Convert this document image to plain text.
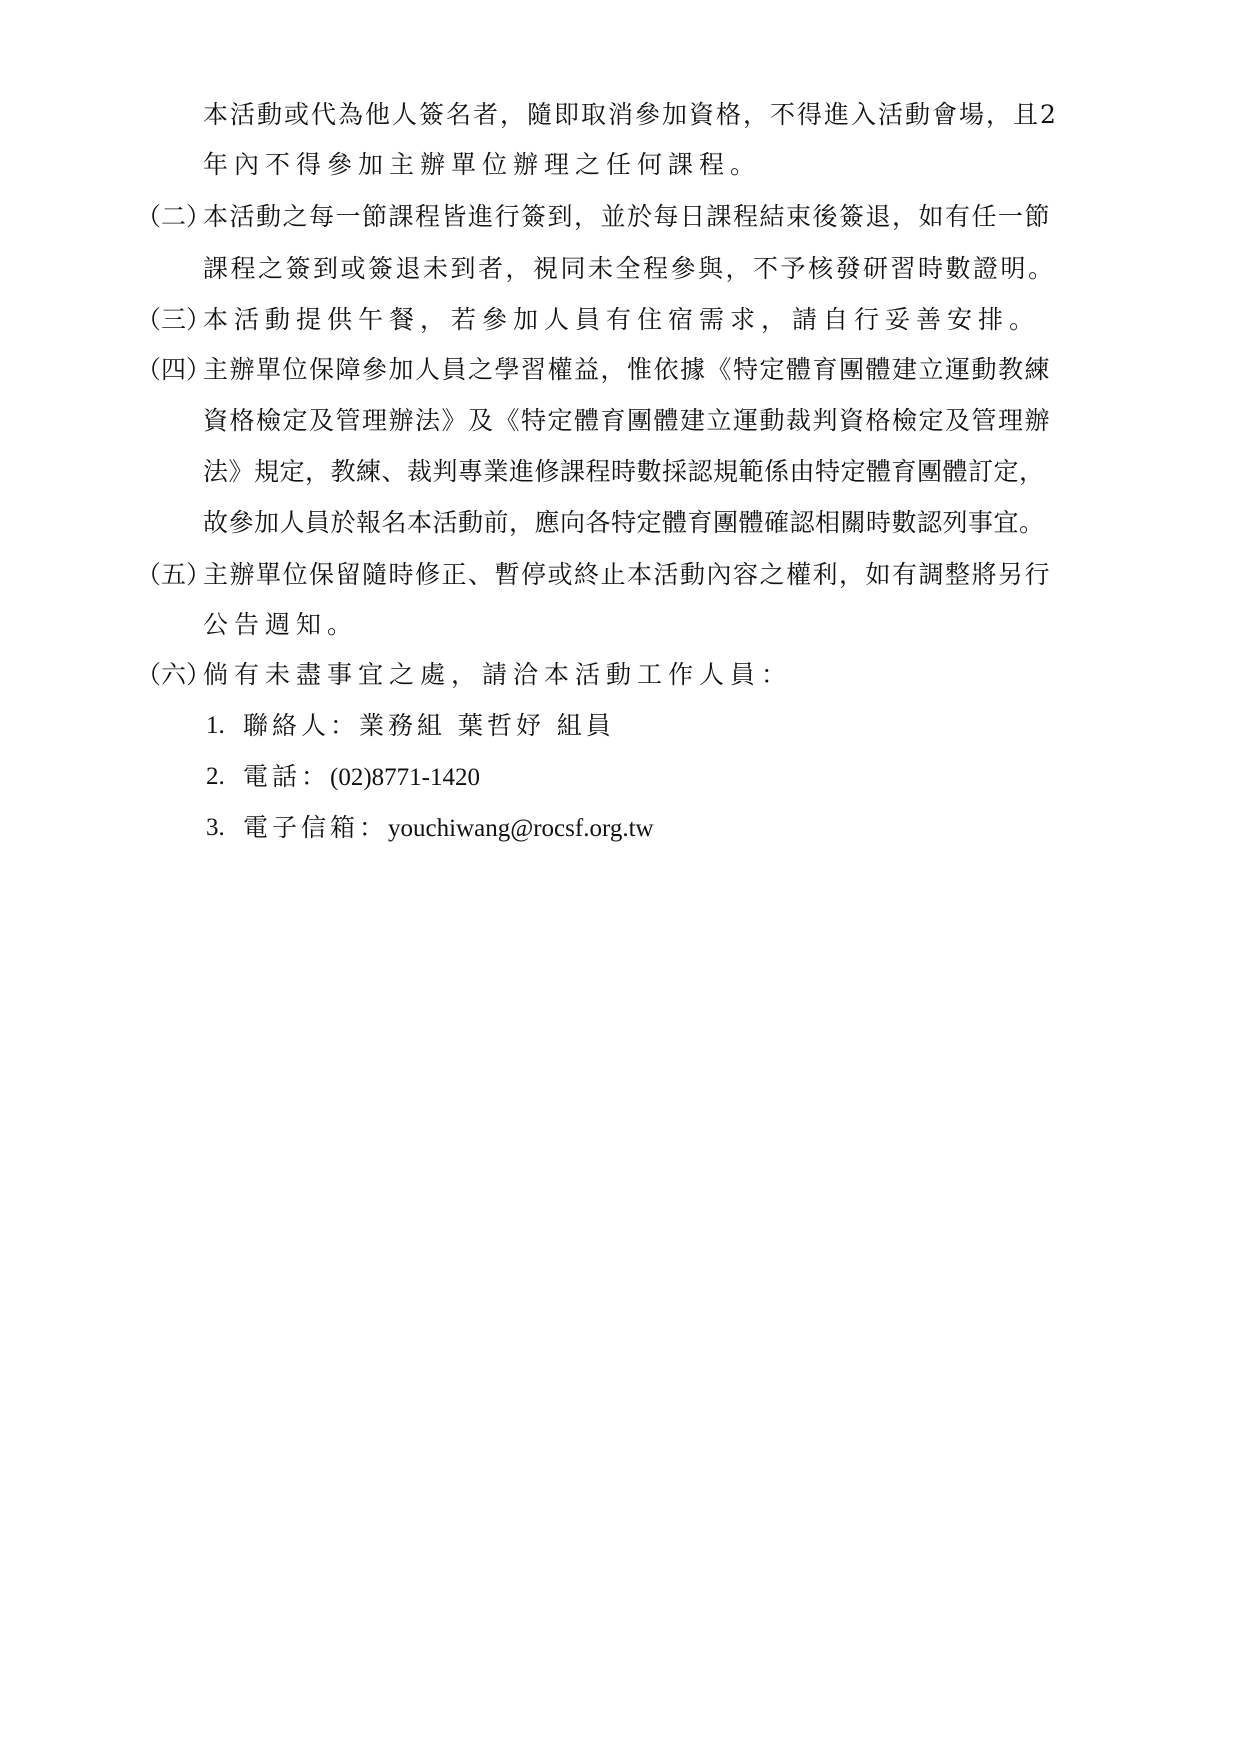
本活動或代為他人簽名者，隨即取消參加資格，不得進入活動會場，且2
年內不得參加主辦單位辦理之任何課程。
（二）
本活動之每一節課程皆進行簽到，並於每日課程結束後簽退，如有任一節
課程之簽到或簽退未到者，視同未全程參與，不予核發研習時數證明。
（三）
本活動提供午餐，若參加人員有住宿需求，請自行妥善安排。
（四）
主辦單位保障參加人員之學習權益，惟依據《特定體育團體建立運動教練
資格檢定及管理辦法》及《特定體育團體建立運動裁判資格檢定及管理辦
法》規定，教練、裁判專業進修課程時數採認規範係由特定體育團體訂定，
故參加人員於報名本活動前，應向各特定體育團體確認相關時數認列事宜。
（五）
主辦單位保留隨時修正、暫停或終止本活動內容之權利，如有調整將另行
公告週知。
（六）
倘有未盡事宜之處，請洽本活動工作人員：
1. 聯絡人：業務組 葉哲妤 組員
2. 電話：(02)8771-1420
3. 電子信箱：youchiwang@rocsf.org.tw
